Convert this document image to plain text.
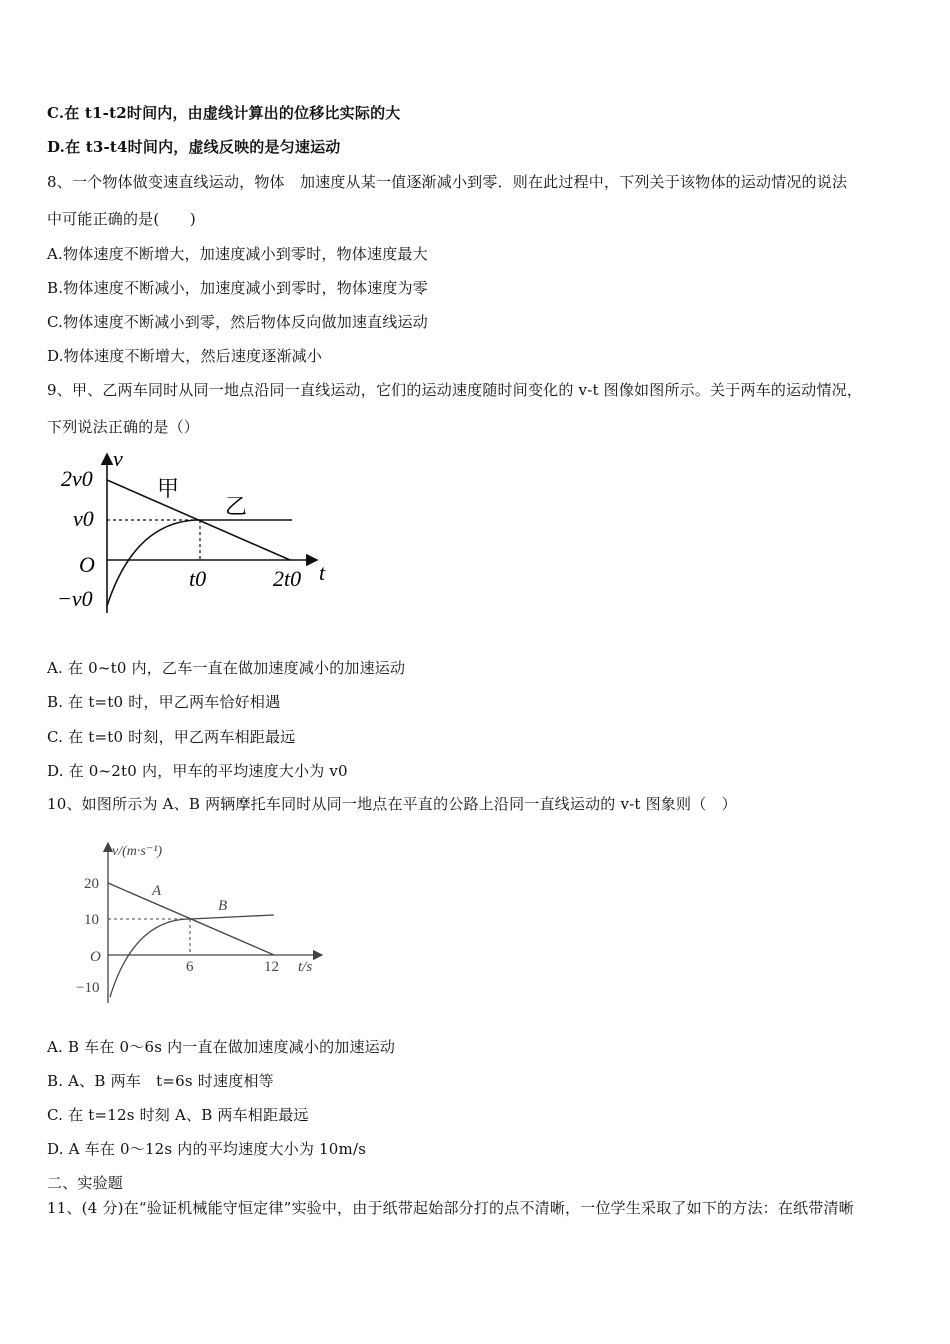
C.在 t1-t2时间内，由虚线计算出的位移比实际的大
D.在 t3-t4时间内，虚线反映的是匀速运动
8、一个物体做变速直线运动，物体　加速度从某一值逐渐减小到零．则在此过程中，下列关于该物体的运动情况的说法
中可能正确的是(　　)
A.物体速度不断增大，加速度减小到零时，物体速度最大
B.物体速度不断减小，加速度减小到零时，物体速度为零
C.物体速度不断减小到零，然后物体反向做加速直线运动
D.物体速度不断增大，然后速度逐渐减小
9、甲、乙两车同时从同一地点沿同一直线运动，它们的运动速度随时间变化的 v-t 图像如图所示。关于两车的运动情况，
下列说法正确的是（）
v
2v0
v0
O
−v0
t0	2t0 t
甲
乙
A. 在 0~t0 内，乙车一直在做加速度减小的加速运动
B. 在 t=t0 时，甲乙两车恰好相遇
C. 在 t=t0 时刻，甲乙两车相距最远
D. 在 0~2t0 内，甲车的平均速度大小为 v0
10、如图所示为 A、B 两辆摩托车同时从同一地点在平直的公路上沿同一直线运动的 v-t 图象则（　）
v/(m·s⁻¹)
20
10
O
−10
6	12 t/s
A
B
A. B 车在 0～6s 内一直在做加速度减小的加速运动
B. A、B 两车　t=6s 时速度相等
C. 在 t=12s 时刻 A、B 两车相距最远
D. A 车在 0～12s 内的平均速度大小为 10m/s
二、实验题
11、(4 分)在“验证机械能守恒定律”实验中，由于纸带起始部分打的点不清晰，一位学生采取了如下的方法：在纸带清晰
